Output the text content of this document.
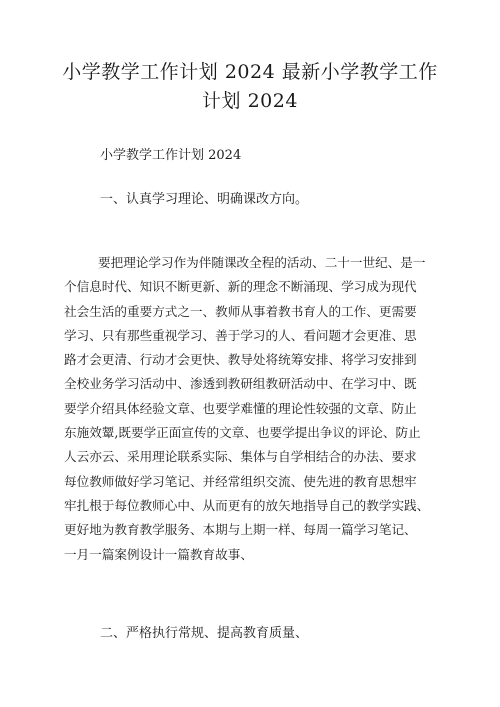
小学教学工作计划 2024 最新小学教学工作
计划 2024
小学教学工作计划 2024
一、认真学习理论、明确课改方向。
要把理论学习作为伴随课改全程的活动、二十一世纪、是一
个信息时代、知识不断更新、新的理念不断涌现、学习成为现代
社会生活的重要方式之一、教师从事着教书育人的工作、更需要
学习、只有那些重视学习、善于学习的人、看问题才会更准、思
路才会更清、行动才会更快、教导处将统筹安排、将学习安排到
全校业务学习活动中、渗透到教研组教研活动中、在学习中、既
要学介绍具体经验文章、也要学难懂的理论性较强的文章、防止
东施效颦,既要学正面宣传的文章、也要学提出争议的评论、防止
人云亦云、采用理论联系实际、集体与自学相结合的办法、要求
每位教师做好学习笔记、并经常组织交流、使先进的教育思想牢
牢扎根于每位教师心中、从而更有的放矢地指导自己的教学实践、
更好地为教育教学服务、本期与上期一样、每周一篇学习笔记、
一月一篇案例设计一篇教育故事、
二、严格执行常规、提高教育质量、
